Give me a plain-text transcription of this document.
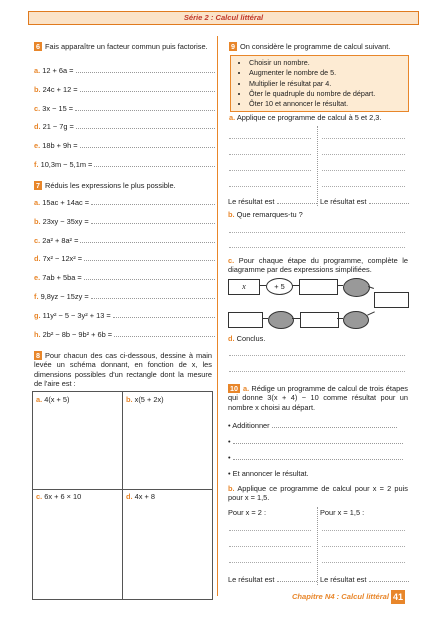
Série 2 : Calcul littéral
6 Fais apparaître un facteur commun puis factorise.
a. 12 + 6a =
b. 24c + 12 =
c. 3x − 15 =
d. 21 − 7g =
e. 18b + 9h =
f. 10,3m − 5,1m =
7 Réduis les expressions le plus possible.
a. 15ac + 14ac =
b. 23xy − 35xy =
c. 2a² + 8a² =
d. 7x² − 12x² =
e. 7ab + 5ba =
f. 9,8yz − 15zy =
g. 11y² − 5 − 3y² + 13 =
h. 2b² − 8b − 9b² + 6b =
8 Pour chacun des cas ci-dessous, dessine à main levée un schéma donnant, en fonction de x, les dimensions possibles d'un rectangle dont la mesure de l'aire est :
a. 4(x + 5)	b. x(5 + 2x)
c. 6x + 6 × 10	d. 4x + 8
9 On considère le programme de calcul suivant.
• Choisir un nombre.
• Augmenter le nombre de 5.
• Multiplier le résultat par 4.
• Ôter le quadruple du nombre de départ.
• Ôter 10 et annoncer le résultat.
a. Applique ce programme de calcul à 5 et 2,3.
Le résultat est	Le résultat est
b. Que remarques-tu ?
c. Pour chaque étape du programme, complète le diagramme par des expressions simplifiées.
x	+ 5
d. Conclus.
10 a. Rédige un programme de calcul de trois étapes qui donne 3(x + 4) − 10 comme résultat pour un nombre x choisi au départ.
• Additionner
•
•
• Et annoncer le résultat.
b. Applique ce programme de calcul pour x = 2 puis pour x = 1,5.
Pour x = 2 :	Pour x = 1,5 :
Le résultat est	Le résultat est
Chapitre N4 : Calcul littéral 41
